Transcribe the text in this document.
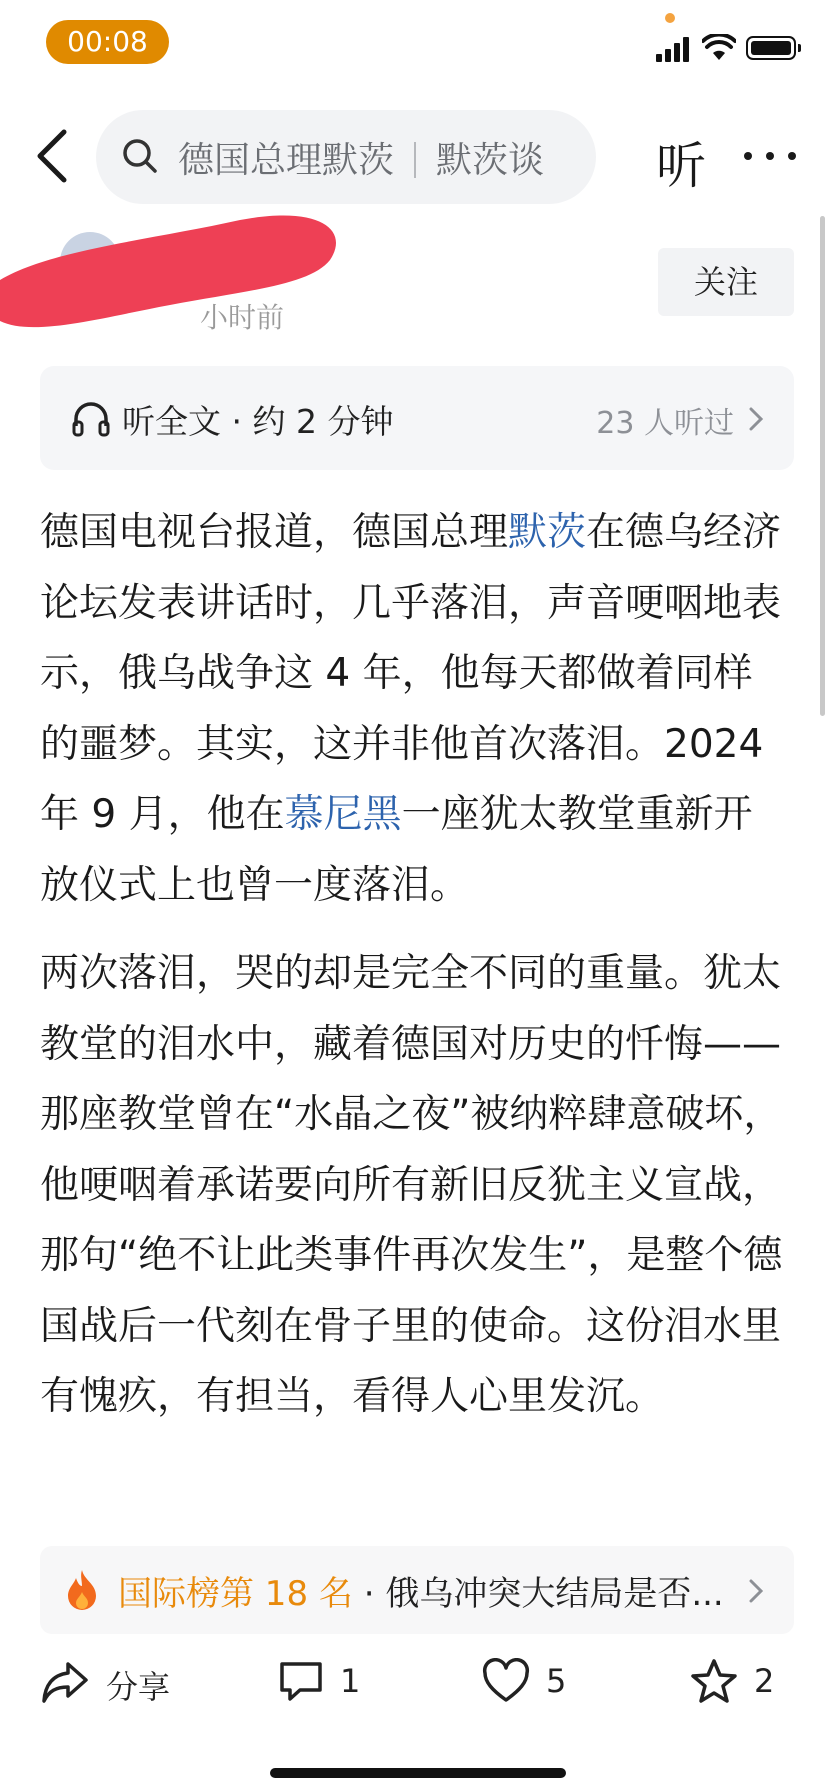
00:08
德国总理默茨 默茨谈 听
小时前
关注
听全文 · 约 2 分钟	23 人听过

德国电视台报道，德国总理默茨在德乌经济论坛发表讲话时，几乎落泪，声音哽咽地表示，俄乌战争这 4 年，他每天都做着同样的噩梦。其实，这并非他首次落泪。2024 年 9 月，他在慕尼黑一座犹太教堂重新开放仪式上也曾一度落泪。

两次落泪，哭的却是完全不同的重量。犹太教堂的泪水中，藏着德国对历史的忏悔——那座教堂曾在“水晶之夜”被纳粹肆意破坏，他哽咽着承诺要向所有新旧反犹主义宣战，那句“绝不让此类事件再次发生”，是整个德国战后一代刻在骨子里的使命。这份泪水里有愧疚，有担当，看得人心里发沉。

国际榜第 18 名 · 俄乌冲突大结局是否...
分享	1	5	2
